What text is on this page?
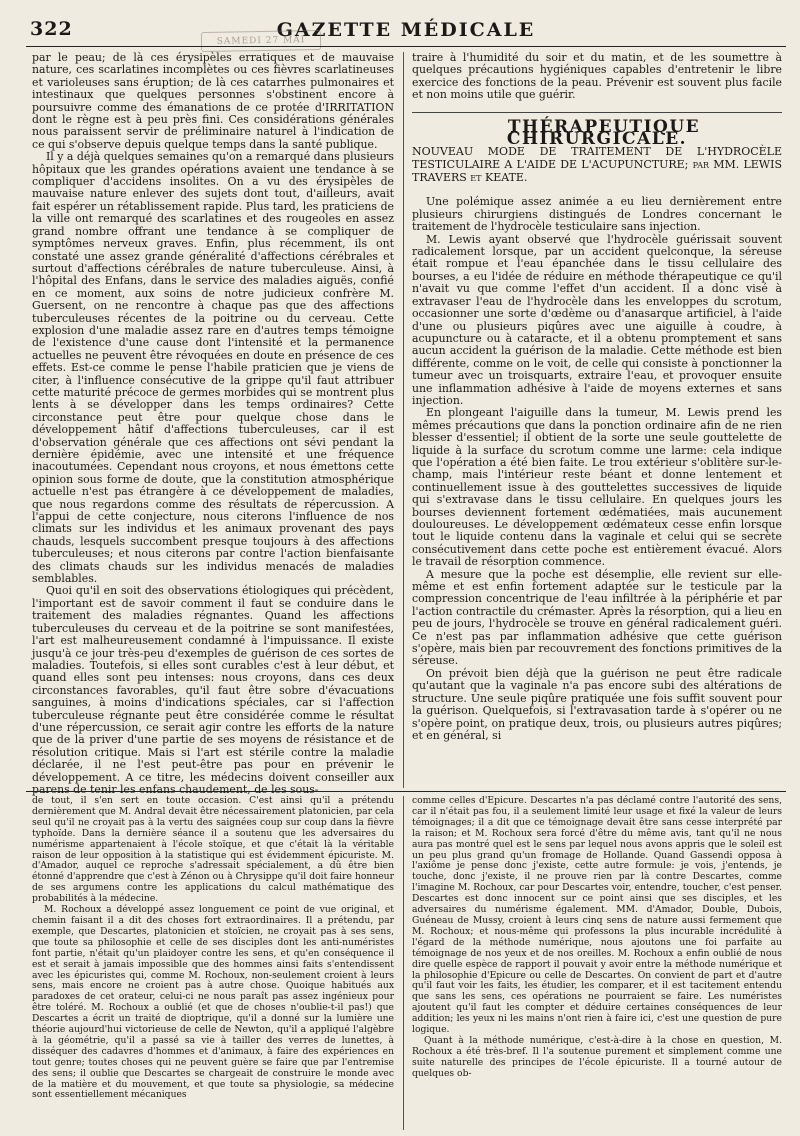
322	GAZETTE MÉDICALE
SAMEDI 27 MAI

par le peau; de là ces érysipèles erratiques et de mauvaise nature, ces scarlatines incomplètes ou ces fièvres scarlatineuses et varioleuses sans éruption; de là ces catarrhes pulmonaires et intestinaux que quelques personnes s'obstinent encore à poursuivre comme des émanations de ce protée d'IRRITATION dont le règne est à peu près fini. Ces considérations générales nous paraissent servir de préliminaire naturel à l'indication de ce qui s'observe depuis quelque temps dans la santé publique.

Il y a déjà quelques semaines qu'on a remarqué dans plusieurs hôpitaux que les grandes opérations avaient une tendance à se compliquer d'accidens insolites. On a vu des érysipèles de mauvaise nature enlever des sujets dont tout, d'ailleurs, avait fait espérer un rétablissement rapide. Plus tard, les praticiens de la ville ont remarqué des scarlatines et des rougeoles en assez grand nombre offrant une tendance à se compliquer de symptômes nerveux graves. Enfin, plus récemment, ils ont constaté une assez grande généralité d'affections cérébrales et surtout d'affections cérébrales de nature tuberculeuse. Ainsi, à l'hôpital des Enfans, dans le service des maladies aiguës, confié en ce moment, aux soins de notre judicieux confrère M. Guersent, on ne rencontre à chaque pas que des affections tuberculeuses récentes de la poitrine ou du cerveau. Cette explosion d'une maladie assez rare en d'autres temps témoigne de l'existence d'une cause dont l'intensité et la permanence actuelles ne peuvent être révoquées en doute en présence de ces effets. Est-ce comme le pense l'habile praticien que je viens de citer, à l'influence consécutive de la grippe qu'il faut attribuer cette maturité précoce de germes morbides qui se montrent plus lents à se développer dans les temps ordinaires? Cette circonstance peut être pour quelque chose dans le développement hâtif d'affections tuberculeuses, car il est d'observation générale que ces affections ont sévi pendant la dernière épidémie, avec une intensité et une fréquence inacoutumées. Cependant nous croyons, et nous émettons cette opinion sous forme de doute, que la constitution atmosphérique actuelle n'est pas étrangère à ce développement de maladies, que nous regardons comme des résultats de répercussion. A l'appui de cette conjecture, nous citerons l'influence de nos climats sur les individus et les animaux provenant des pays chauds, lesquels succombent presque toujours à des affections tuberculeuses; et nous citerons par contre l'action bienfaisante des climats chauds sur les individus menacés de maladies semblables.

Quoi qu'il en soit des observations étiologiques qui précèdent, l'important est de savoir comment il faut se conduire dans le traitement des maladies régnantes. Quand les affections tuberculeuses du cerveau et de la poitrine se sont manifestées, l'art est malheureusement condamné à l'impuissance. Il existe jusqu'à ce jour très-peu d'exemples de guérison de ces sortes de maladies. Toutefois, si elles sont curables c'est à leur début, et quand elles sont peu intenses: nous croyons, dans ces deux circonstances favorables, qu'il faut être sobre d'évacuations sanguines, à moins d'indications spéciales, car si l'affection tuberculeuse régnante peut être considérée comme le résultat d'une répercussion, ce serait agir contre les efforts de la nature que de la priver d'une partie de ses moyens de résistance et de résolution critique. Mais si l'art est stérile contre la maladie déclarée, il ne l'est peut-être pas pour en prévenir le développement. A ce titre, les médecins doivent conseiller aux parens de tenir les enfans chaudement, de les sous-

traire à l'humidité du soir et du matin, et de les soumettre à quelques précautions hygiéniques capables d'entretenir le libre exercice des fonctions de la peau. Prévenir est souvent plus facile et non moins utile que guérir.

THÉRAPEUTIQUE CHIRURGICALE.

NOUVEAU MODE DE TRAITEMENT DE L'HYDROCÈLE TESTICULAIRE A L'AIDE DE L'ACUPUNCTURE; par MM. LEWIS TRAVERS et KEATE.

Une polémique assez animée a eu lieu dernièrement entre plusieurs chirurgiens distingués de Londres concernant le traitement de l'hydrocèle testiculaire sans injection.

M. Lewis ayant observé que l'hydrocèle guérissait souvent radicalement lorsque, par un accident quelconque, la séreuse était rompue et l'eau épanchée dans le tissu cellulaire des bourses, a eu l'idée de réduire en méthode thérapeutique ce qu'il n'avait vu que comme l'effet d'un accident. Il a donc visé à extravaser l'eau de l'hydrocèle dans les enveloppes du scrotum, occasionner une sorte d'œdème ou d'anasarque artificiel, à l'aide d'une ou plusieurs piqûres avec une aiguille à coudre, à acupuncture ou à cataracte, et il a obtenu promptement et sans aucun accident la guérison de la maladie. Cette méthode est bien différente, comme on le voit, de celle qui consiste à ponctionner la tumeur avec un troisquarts, extraire l'eau, et provoquer ensuite une inflammation adhésive à l'aide de moyens externes et sans injection.

En plongeant l'aiguille dans la tumeur, M. Lewis prend les mêmes précautions que dans la ponction ordinaire afin de ne rien blesser d'essentiel; il obtient de la sorte une seule gouttelette de liquide à la surface du scrotum comme une larme: cela indique que l'opération a été bien faite. Le trou extérieur s'oblitère sur-le-champ, mais l'intérieur reste béant et donne lentement et continuellement issue à des gouttelettes successives de liquide qui s'extravase dans le tissu cellulaire. En quelques jours les bourses deviennent fortement œdématiées, mais aucunement douloureuses. Le développement œdémateux cesse enfin lorsque tout le liquide contenu dans la vaginale et celui qui se secrète consécutivement dans cette poche est entièrement évacué. Alors le travail de résorption commence.

A mesure que la poche est désemplie, elle revient sur elle-même et est enfin fortement adaptée sur le testicule par la compression concentrique de l'eau infiltrée à la périphérie et par l'action contractile du crémaster. Après la résorption, qui a lieu en peu de jours, l'hydrocèle se trouve en général radicalement guéri. Ce n'est pas par inflammation adhésive que cette guérison s'opère, mais bien par recouvrement des fonctions primitives de la séreuse.

On prévoit bien déjà que la guérison ne peut être radicale qu'autant que la vaginale n'a pas encore subi des altérations de structure. Une seule piqûre pratiquée une fois suffit souvent pour la guérison. Quelquefois, si l'extravasation tarde à s'opérer ou ne s'opère point, on pratique deux, trois, ou plusieurs autres piqûres; et en général, si

de tout, il s'en sert en toute occasion. C'est ainsi qu'il a prétendu dernièrement que M. Andral devait être nécessairement platonicien, par cela seul qu'il ne croyait pas à la vertu des saignées coup sur coup dans la fièvre typhoïde. Dans la dernière séance il a soutenu que les adversaires du numérisme appartenaient à l'école stoïque, et que c'était là la véritable raison de leur opposition à la statistique qui est évidemment épicuriste. M. d'Amador, auquel ce reproche s'adressait spécialement, a dû être bien étonné d'apprendre que c'est à Zénon ou à Chrysippe qu'il doit faire honneur de ses argumens contre les applications du calcul mathématique des probabilités à la médecine.

M. Rochoux a développé assez longuement ce point de vue original, et chemin faisant il a dit des choses fort extraordinaires. Il a prétendu, par exemple, que Descartes, platonicien et stoïcien, ne croyait pas à ses sens, que toute sa philosophie et celle de ses disciples dont les anti-numéristes font partie, n'était qu'un plaidoyer contre les sens, et qu'en conséquence il est et serait à jamais impossible que des hommes ainsi faits s'entendissent avec les épicuristes qui, comme M. Rochoux, non-seulement croient à leurs sens, mais encore ne croient pas à autre chose. Quoique habitués aux paradoxes de cet orateur, celui-ci ne nous paraît pas assez ingénieux pour être toléré. M. Rochoux a oublié (et que de choses n'oublie-t-il pas!) que Descartes a écrit un traité de dioptrique, qu'il a donné sur la lumière une théorie aujourd'hui victorieuse de celle de Newton, qu'il a appliqué l'algèbre à la géométrie, qu'il a passé sa vie à tailler des verres de lunettes, à disséquer des cadavres d'hommes et d'animaux, à faire des expériences en tout genre; toutes choses qui ne peuvent guère se faire que par l'entremise des sens; il oublie que Descartes se chargeait de construire le monde avec de la matière et du mouvement, et que toute sa physiologie, sa médecine sont essentiellement mécaniques

comme celles d'Epicure. Descartes n'a pas déclamé contre l'autorité des sens, car il n'était pas fou, il a seulement limité leur usage et fixé la valeur de leurs témoignages; il a dit que ce témoignage devait être sans cesse interprété par la raison; et M. Rochoux sera forcé d'être du même avis, tant qu'il ne nous aura pas montré quel est le sens par lequel nous avons appris que le soleil est un peu plus grand qu'un fromage de Hollande. Quand Gassendi opposa à l'axiôme je pense donc j'existe, cette autre formule: je vois, j'entends, je touche, donc j'existe, il ne prouve rien par là contre Descartes, comme l'imagine M. Rochoux, car pour Descartes voir, entendre, toucher, c'est penser. Descartes est donc innocent sur ce point ainsi que ses disciples, et les adversaires du numérisme également. MM. d'Amador, Double, Dubois, Guéneau de Mussy, croient à leurs cinq sens de nature aussi fermement que M. Rochoux; et nous-même qui professons la plus incurable incrédulité à l'égard de la méthode numérique, nous ajoutons une foi parfaite au témoignage de nos yeux et de nos oreilles. M. Rochoux a enfin oublié de nous dire quelle espèce de rapport il pouvait y avoir entre la méthode numérique et la philosophie d'Epicure ou celle de Descartes. On convient de part et d'autre qu'il faut voir les faits, les étudier, les comparer, et il est tacitement entendu que sans les sens, ces opérations ne pourraient se faire. Les numéristes ajoutent qu'il faut les compter et déduire certaines conséquences de leur addition; les yeux ni les mains n'ont rien à faire ici, c'est une question de pure logique.

Quant à la méthode numérique, c'est-à-dire à la chose en question, M. Rochoux a été très-bref. Il l'a soutenue purement et simplement comme une suite naturelle des principes de l'école épicuriste. Il a tourné autour de quelques ob-
